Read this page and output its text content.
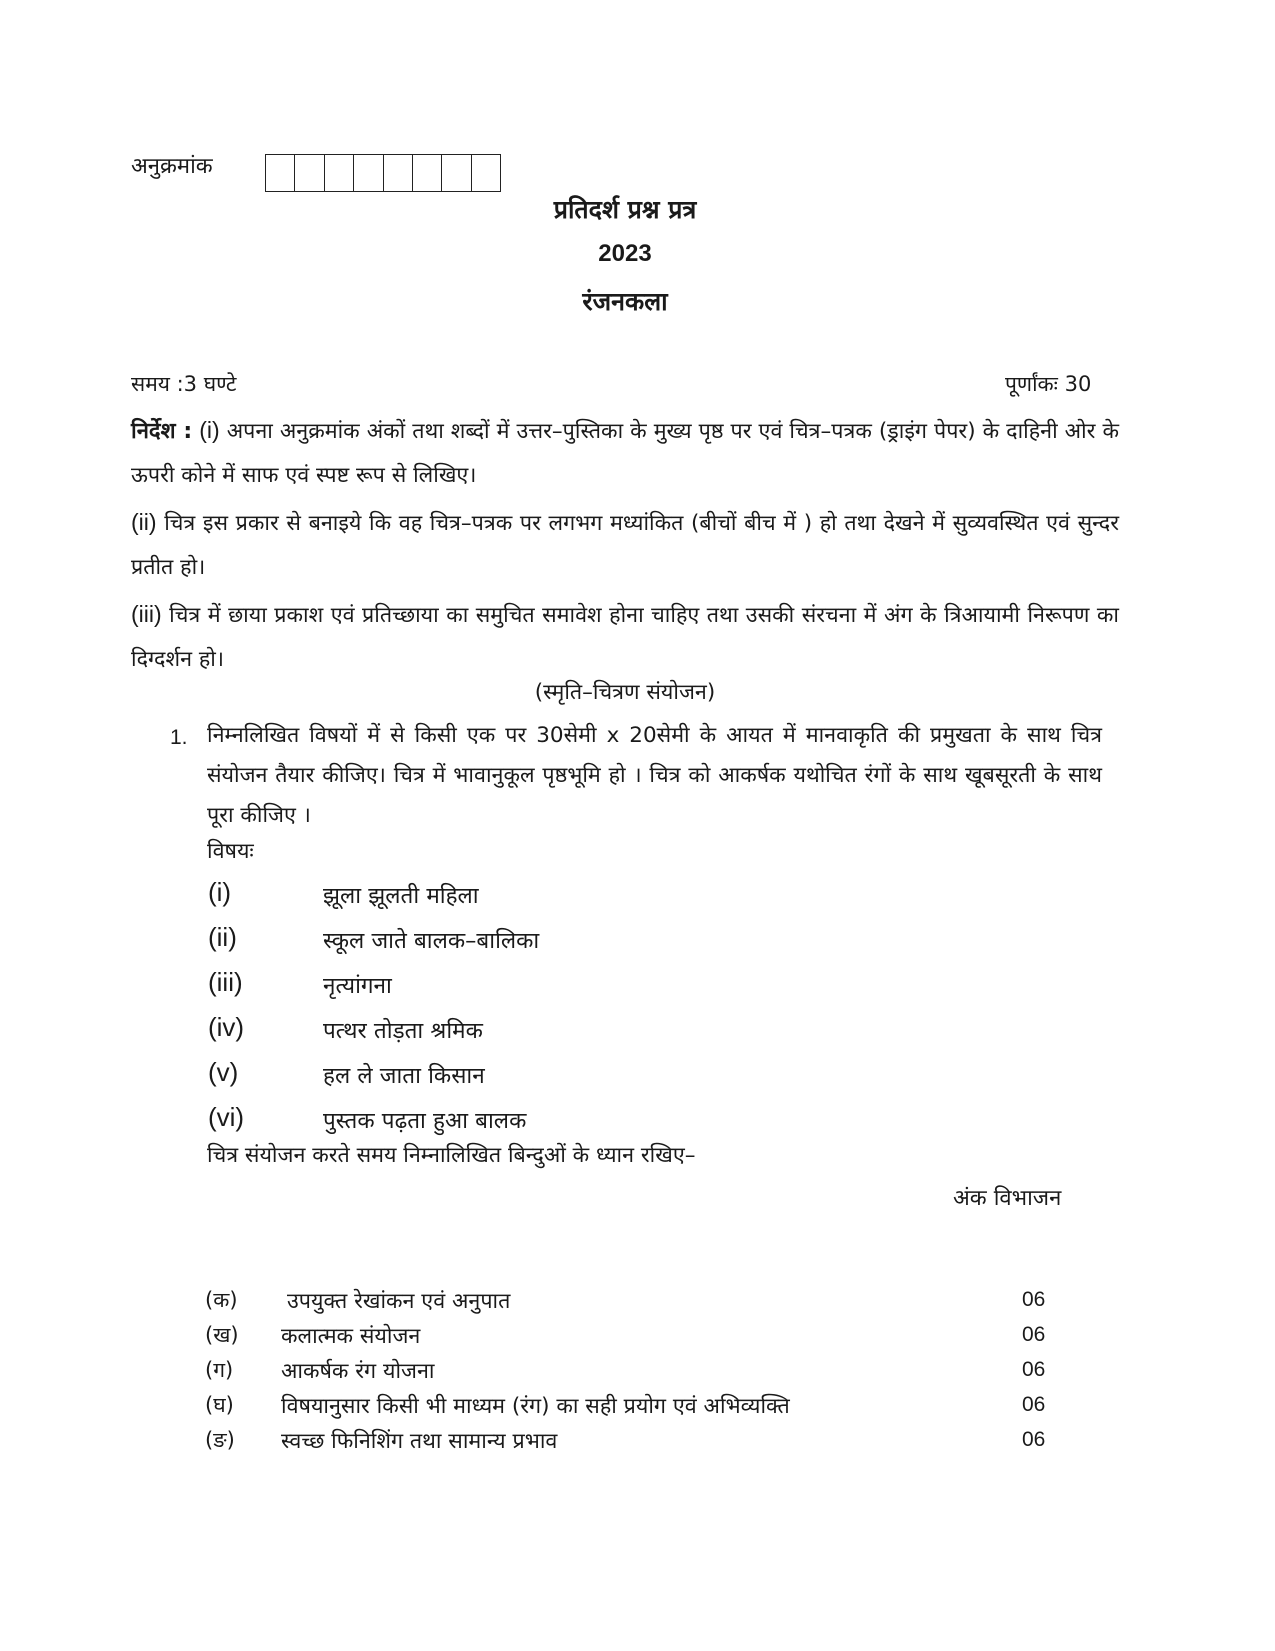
अनुक्रमांक
प्रतिदर्श प्रश्न प्रत्र
2023
रंजनकला
समय :3 घण्टे	पूर्णांकः 30
निर्देश : (i) अपना अनुक्रमांक अंकों तथा शब्दों में उत्तर–पुस्तिका के मुख्य पृष्ठ पर एवं चित्र–पत्रक (ड्राइंग पेपर) के दाहिनी ओर के ऊपरी कोने में साफ एवं स्पष्ट रूप से लिखिए।
(ii) चित्र इस प्रकार से बनाइये कि वह चित्र–पत्रक पर लगभग मध्यांकित (बीचों बीच में ) हो तथा देखने में सुव्यवस्थित एवं सुन्दर प्रतीत हो।
(iii) चित्र में छाया प्रकाश एवं प्रतिच्छाया का समुचित समावेश होना चाहिए तथा उसकी संरचना में अंग के त्रिआयामी निरूपण का दिग्दर्शन हो।
(स्मृति–चित्रण संयोजन)
1. निम्नलिखित विषयों में से किसी एक पर 30सेमी x 20सेमी के आयत में मानवाकृति की प्रमुखता के साथ चित्र संयोजन तैयार कीजिए। चित्र में भावानुकूल पृष्ठभूमि हो । चित्र को आकर्षक यथोचित रंगों के साथ खूबसूरती के साथ पूरा कीजिए ।
विषयः
(i)	झूला झूलती महिला
(ii)	स्कूल जाते बालक–बालिका
(iii)	नृत्यांगना
(iv)	पत्थर तोड़ता श्रमिक
(v)	हल ले जाता किसान
(vi)	पुस्तक पढ़ता हुआ बालक
चित्र संयोजन करते समय निम्नालिखित बिन्दुओं के ध्यान रखिए–
अंक विभाजन
(क) उपयुक्त रेखांकन एवं अनुपात	06
(ख) कलात्मक संयोजन	06
(ग) आकर्षक रंग योजना	06
(घ) विषयानुसार किसी भी माध्यम (रंग) का सही प्रयोग एवं अभिव्यक्ति	06
(ङ) स्वच्छ फिनिशिंग तथा सामान्य प्रभाव	06
